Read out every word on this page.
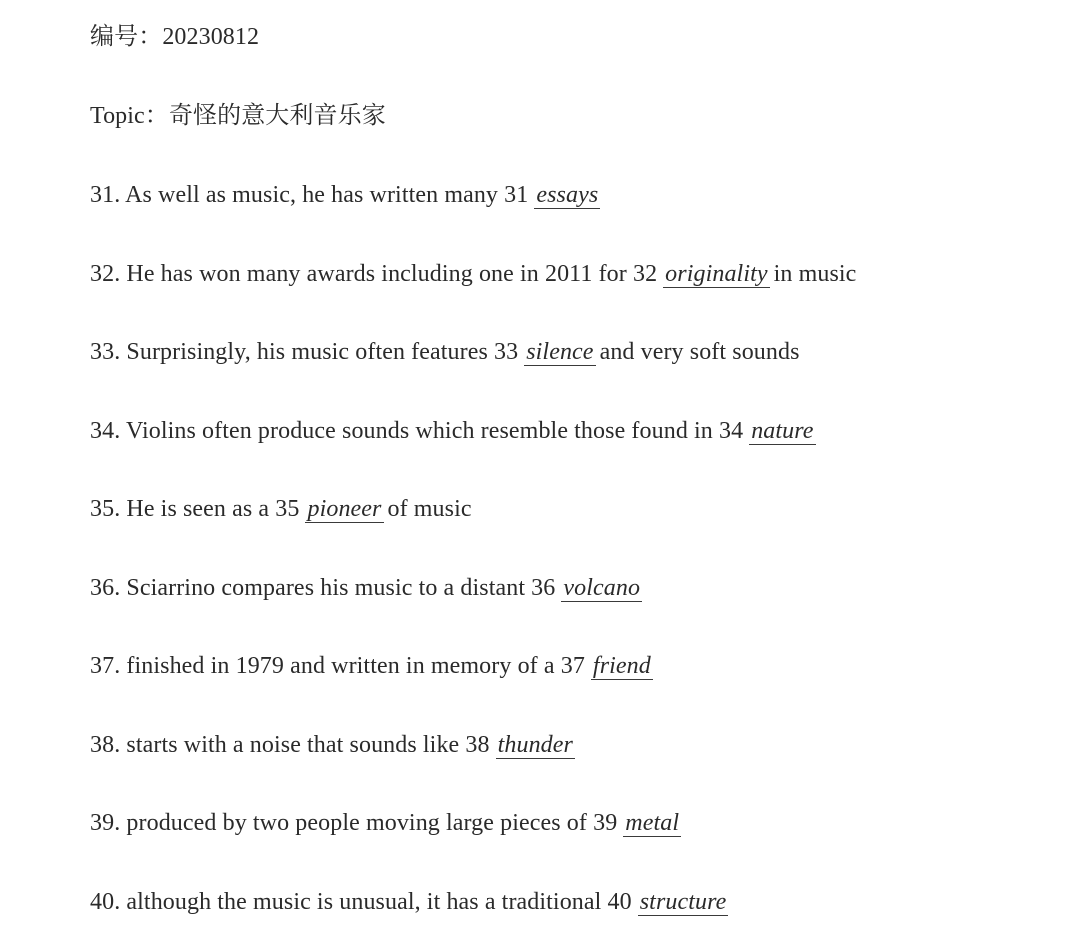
编号：20230812
Topic：奇怪的意大利音乐家
31. As well as music, he has written many 31 essays
32. He has won many awards including one in 2011 for 32 originality in music
33. Surprisingly, his music often features 33 silence and very soft sounds
34. Violins often produce sounds which resemble those found in 34 nature
35. He is seen as a 35 pioneer of music
36. Sciarrino compares his music to a distant 36 volcano
37. finished in 1979 and written in memory of a 37 friend
38. starts with a noise that sounds like 38 thunder
39. produced by two people moving large pieces of 39 metal
40. although the music is unusual, it has a traditional 40 structure
